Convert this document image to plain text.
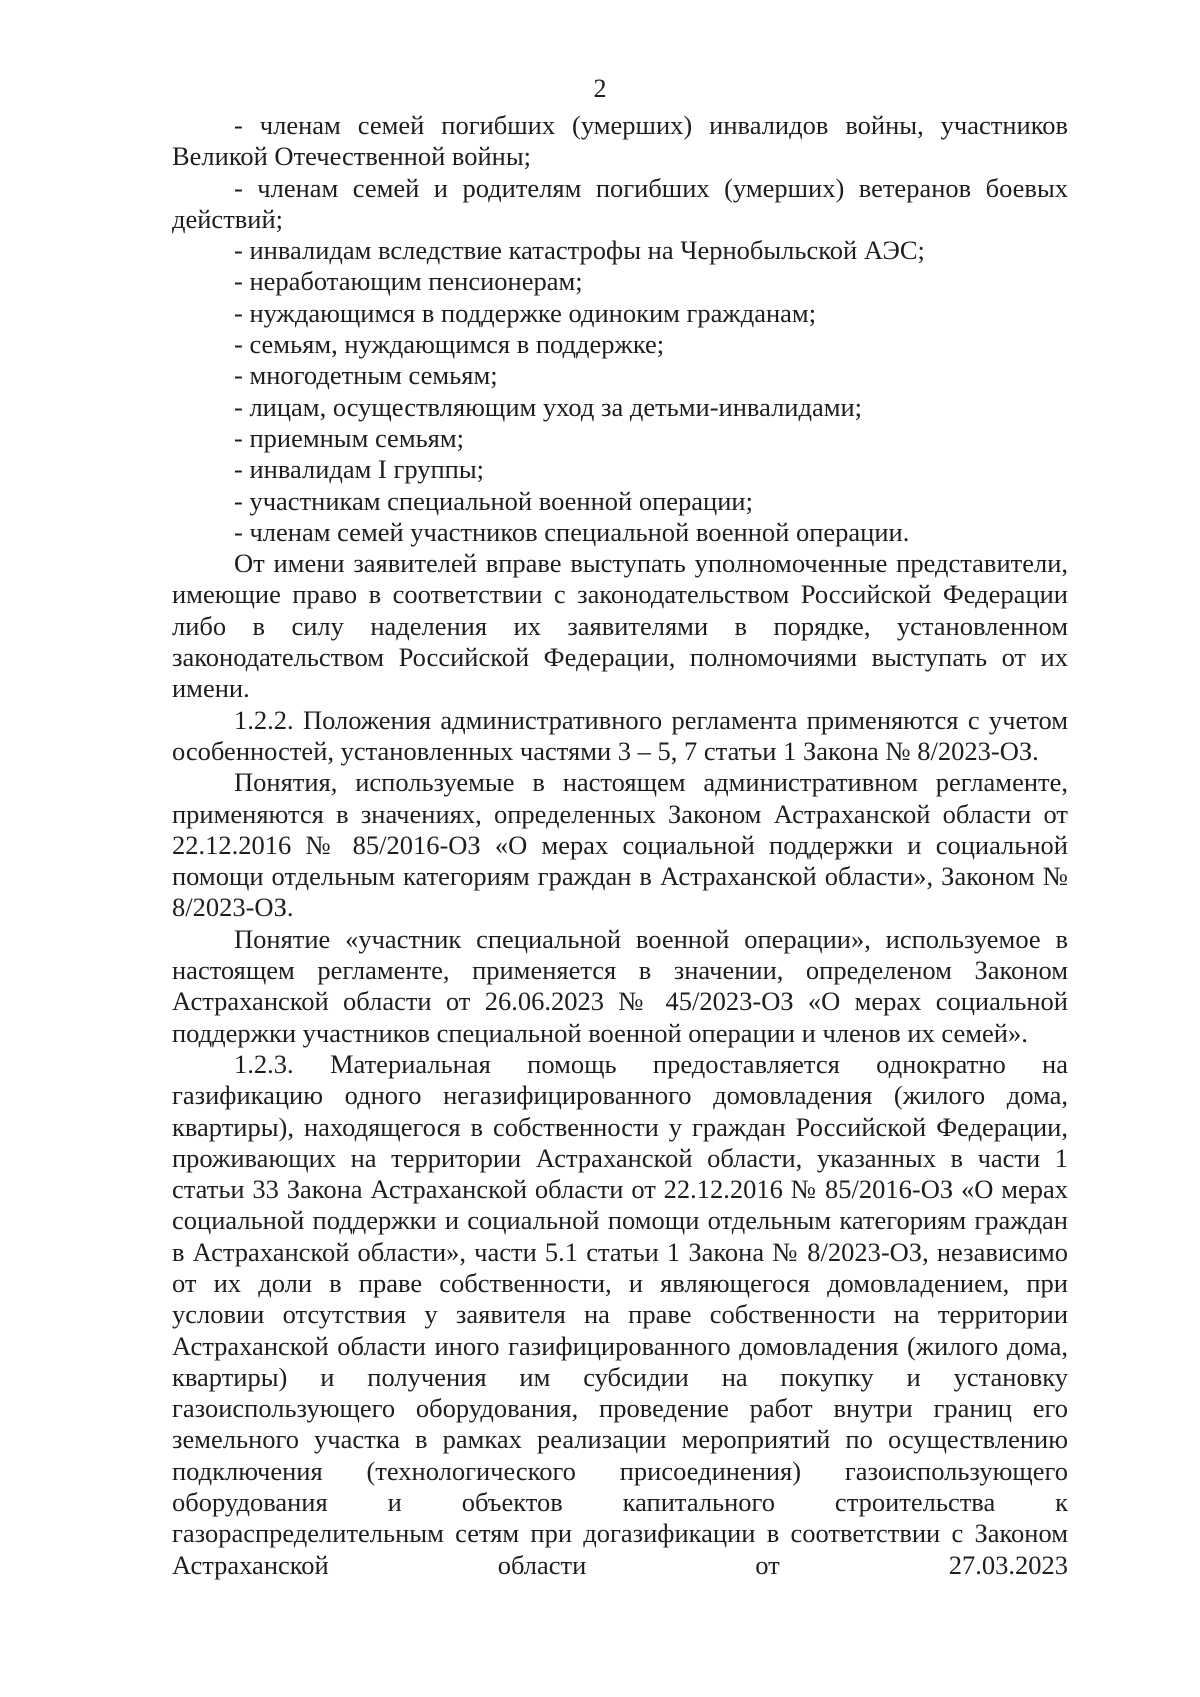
2

- членам семей погибших (умерших) инвалидов войны, участников Великой Отечественной войны;

- членам семей и родителям погибших (умерших) ветеранов боевых действий;

- инвалидам вследствие катастрофы на Чернобыльской АЭС;

- неработающим пенсионерам;

- нуждающимся в поддержке одиноким гражданам;

- семьям, нуждающимся в поддержке;

- многодетным семьям;

- лицам, осуществляющим уход за детьми-инвалидами;

- приемным семьям;

- инвалидам I группы;

- участникам специальной военной операции;

- членам семей участников специальной военной операции.

От имени заявителей вправе выступать уполномоченные представители, имеющие право в соответствии с законодательством Российской Федерации либо в силу наделения их заявителями в порядке, установленном законодательством Российской Федерации, полномочиями выступать от их имени.

1.2.2. Положения административного регламента применяются с учетом особенностей, установленных частями 3 – 5, 7 статьи 1 Закона № 8/2023-ОЗ.

Понятия, используемые в настоящем административном регламенте, применяются в значениях, определенных Законом Астраханской области от 22.12.2016 № 85/2016-ОЗ «О мерах социальной поддержки и социальной помощи отдельным категориям граждан в Астраханской области», Законом № 8/2023-ОЗ.

Понятие «участник специальной военной операции», используемое в настоящем регламенте, применяется в значении, определеном Законом Астраханской области от 26.06.2023 № 45/2023-ОЗ «О мерах социальной поддержки участников специальной военной операции и членов их семей».

1.2.3. Материальная помощь предоставляется однократно на газификацию одного негазифицированного домовладения (жилого дома, квартиры), находящегося в собственности у граждан Российской Федерации, проживающих на территории Астраханской области, указанных в части 1 статьи 33 Закона Астраханской области от 22.12.2016 № 85/2016-ОЗ «О мерах социальной поддержки и социальной помощи отдельным категориям граждан в Астраханской области», части 5.1 статьи 1 Закона № 8/2023-ОЗ, независимо от их доли в праве собственности, и являющегося домовладением, при условии отсутствия у заявителя на праве собственности на территории Астраханской области иного газифицированного домовладения (жилого дома, квартиры) и получения им субсидии на покупку и установку газоиспользующего оборудования, проведение работ внутри границ его земельного участка в рамках реализации мероприятий по осуществлению подключения (технологического присоединения) газоиспользующего оборудования и объектов капитального строительства к газораспределительным сетям при догазификации в соответствии с Законом Астраханской области от 27.03.2023
